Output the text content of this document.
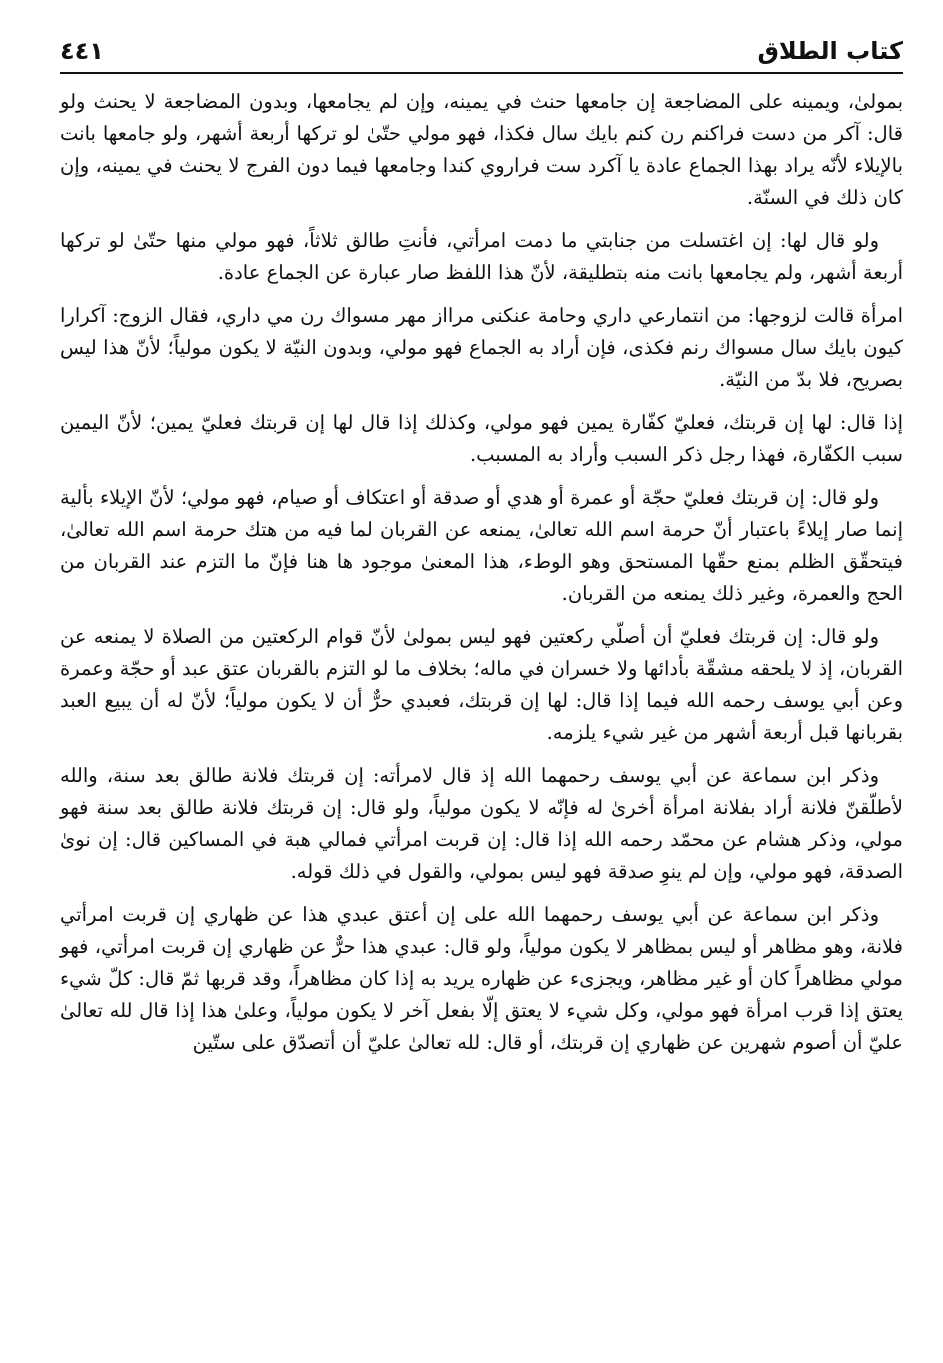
كتاب الطلاق
٤٤١

بمولىٰ، ويمينه على المضاجعة إن جامعها حنث في يمينه، وإن لم يجامعها، وبدون المضاجعة لا يحنث ولو قال: آكر من دست فراكنم رن كنم بايك سال فكذا، فهو مولي حتّىٰ لو تركها أربعة أشهر، ولو جامعها بانت بالإيلاء لأنّه يراد بهذا الجماع عادة يا آكرد ست فراروي كندا وجامعها فيما دون الفرج لا يحنث في يمينه، وإن كان ذلك في السنّة.

ولو قال لها: إن اغتسلت من جنابتي ما دمت امرأتي، فأنتِ طالق ثلاثاً، فهو مولي منها حتّىٰ لو تركها أربعة أشهر، ولم يجامعها بانت منه بتطليقة، لأنّ هذا اللفظ صار عبارة عن الجماع عادة.

امرأة قالت لزوجها: من انتمارعي داري وحامة عنكنى مرااز مهر مسواك رن مي داري، فقال الزوج: آكرارا كيون بايك سال مسواك رنم فكذى، فإن أراد به الجماع فهو مولي، وبدون النيّة لا يكون مولياً؛ لأنّ هذا ليس بصريح، فلا بدّ من النيّة.

إذا قال: لها إن قربتك، فعليّ كفّارة يمين فهو مولي، وكذلك إذا قال لها إن قربتك فعليّ يمين؛ لأنّ اليمين سبب الكفّارة، فهذا رجل ذكر السبب وأراد به المسبب.

ولو قال: إن قربتك فعليّ حجّة أو عمرة أو هدي أو صدقة أو اعتكاف أو صيام، فهو مولي؛ لأنّ الإيلاء بألية إنما صار إيلاءً باعتبار أنّ حرمة اسم الله تعالىٰ، يمنعه عن القربان لما فيه من هتك حرمة اسم الله تعالىٰ، فيتحقّق الظلم بمنع حقّها المستحق وهو الوطء، هذا المعنىٰ موجود ها هنا فإنّ ما التزم عند القربان من الحج والعمرة، وغير ذلك يمنعه من القربان.

ولو قال: إن قربتك فعليّ أن أصلّي ركعتين فهو ليس بمولىٰ لأنّ قوام الركعتين من الصلاة لا يمنعه عن القربان، إذ لا يلحقه مشقّة بأدائها ولا خسران في ماله؛ بخلاف ما لو التزم بالقربان عتق عبد أو حجّة وعمرة وعن أبي يوسف رحمه الله فيما إذا قال: لها إن قربتك، فعبدي حرٌّ أن لا يكون مولياً؛ لأنّ له أن يبيع العبد بقربانها قبل أربعة أشهر من غير شيء يلزمه.

وذكر ابن سماعة عن أبي يوسف رحمهما الله إذ قال لامرأته: إن قربتك فلانة طالق بعد سنة، والله لأطلّقنّ فلانة أراد بفلانة امرأة أخرىٰ له فإنّه لا يكون مولياً، ولو قال: إن قربتك فلانة طالق بعد سنة فهو مولي، وذكر هشام عن محمّد رحمه الله إذا قال: إن قربت امرأتي فمالي هبة في المساكين قال: إن نوىٰ الصدقة، فهو مولي، وإن لم ينوِ صدقة فهو ليس بمولي، والقول في ذلك قوله.

وذكر ابن سماعة عن أبي يوسف رحمهما الله على إن أعتق عبدي هذا عن ظهاري إن قربت امرأتي فلانة، وهو مظاهر أو ليس بمظاهر لا يكون مولياً، ولو قال: عبدي هذا حرٌّ عن ظهاري إن قربت امرأتي، فهو مولي مظاهراً كان أو غير مظاهر، ويجزىء عن ظهاره يريد به إذا كان مظاهراً، وقد قربها ثمّ قال: كلّ شيء يعتق إذا قرب امرأة فهو مولي، وكل شيء لا يعتق إلّا بفعل آخر لا يكون مولياً، وعلىٰ هذا إذا قال لله تعالىٰ عليّ أن أصوم شهرين عن ظهاري إن قربتك، أو قال: لله تعالىٰ عليّ أن أتصدّق على ستّين
